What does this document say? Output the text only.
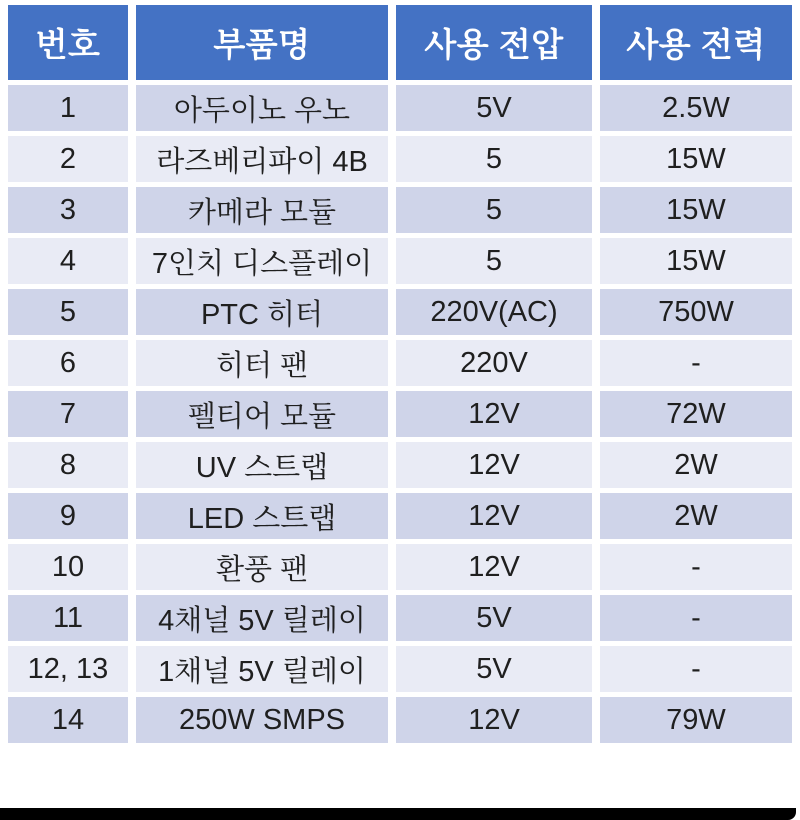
번호	부품명	사용 전압	사용 전력
1	아두이노 우노	5V	2.5W
2	라즈베리파이 4B	5	15W
3	카메라 모듈	5	15W
4	7인치 디스플레이	5	15W
5	PTC 히터	220V(AC)	750W
6	히터 팬	220V	-
7	펠티어 모듈	12V	72W
8	UV 스트랩	12V	2W
9	LED 스트랩	12V	2W
10	환풍 팬	12V	-
11	4채널 5V 릴레이	5V	-
12, 13	1채널 5V 릴레이	5V	-
14	250W SMPS	12V	79W
